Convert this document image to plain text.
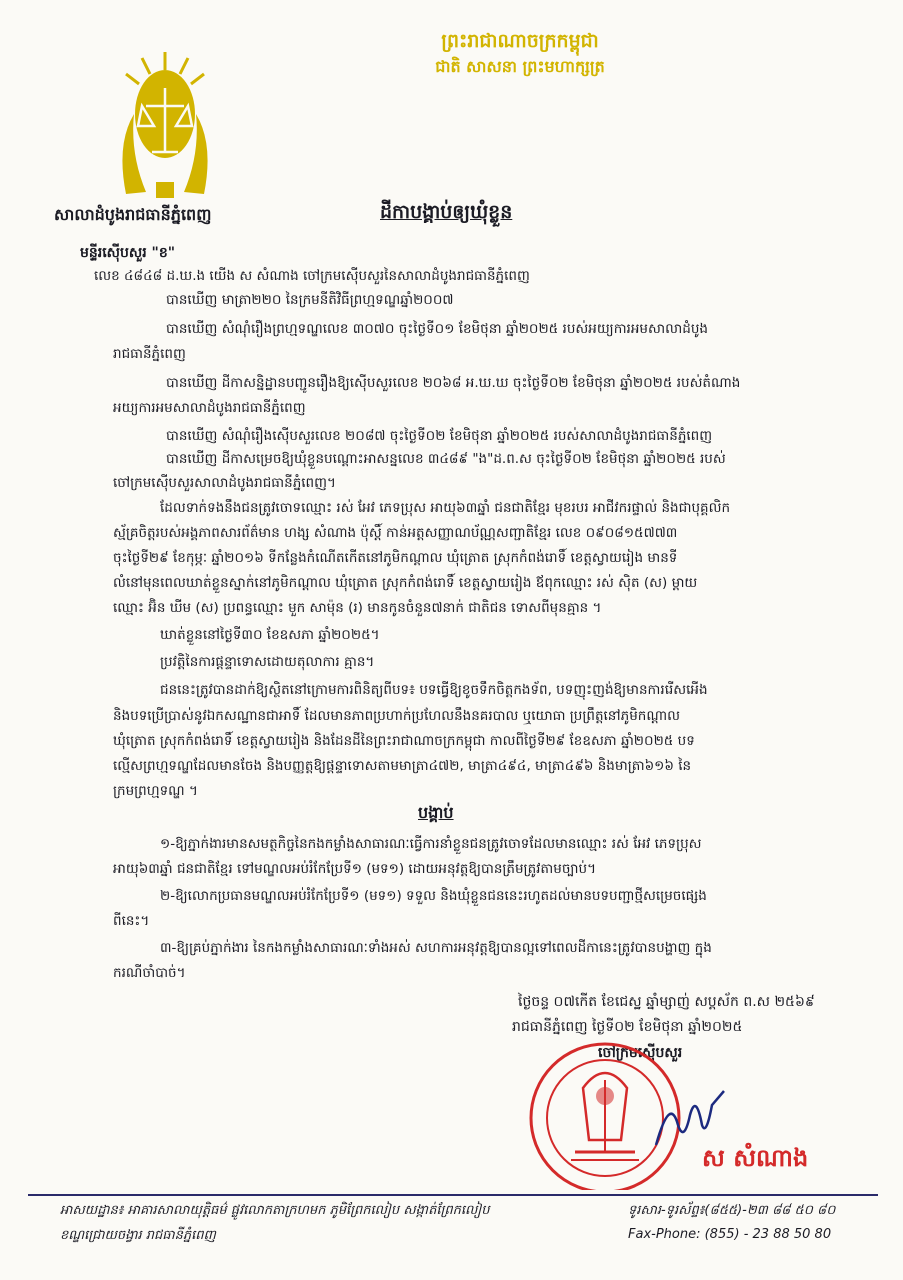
ព្រះរាជាណាចក្រកម្ពុជា
ជាតិ សាសនា ព្រះមហាក្សត្រ
សាលាដំបូងរាជធានីភ្នំពេញ	ដីកាបង្គាប់ឲ្យឃុំខ្លួន
មន្ទីរស៊ើបសួរ "ខ"
លេខ ៤៨៤៨ ដ.ឃ.ង យើង ស សំណាង ចៅក្រមស៊ើបសួរនៃសាលាដំបូងរាជធានីភ្នំពេញ
បានឃើញ មាត្រា២២០ នៃក្រមនីតិវិធីព្រហ្មទណ្ឌឆ្នាំ២០០៧
បានឃើញ សំណុំរឿងព្រហ្មទណ្ឌលេខ ៣០៧០ ចុះថ្ងៃទី០១ ខែមិថុនា ឆ្នាំ២០២៥ របស់អយ្យការអមសាលាដំបូង
រាជធានីភ្នំពេញ
បានឃើញ ដីកាសន្និដ្ឋានបញ្ជូនរឿងឱ្យស៊ើបសួរលេខ ២០៦៨ អ.ឃ.ឃ ចុះថ្ងៃទី០២ ខែមិថុនា ឆ្នាំ២០២៥ របស់តំណាង
អយ្យការអមសាលាដំបូងរាជធានីភ្នំពេញ
បានឃើញ សំណុំរឿងស៊ើបសួរលេខ ២០៨៧ ចុះថ្ងៃទី០២ ខែមិថុនា ឆ្នាំ២០២៥ របស់សាលាដំបូងរាជធានីភ្នំពេញ
បានឃើញ ដីកាសម្រេចឱ្យឃុំខ្លួនបណ្តោះអាសន្នលេខ ៣៤៨៩ "ង"ដ.ព.ស ចុះថ្ងៃទី០២ ខែមិថុនា ឆ្នាំ២០២៥ របស់
ចៅក្រមស៊ើបសួរសាលាដំបូងរាជធានីភ្នំពេញ។
ដែលទាក់ទងនឹងជនត្រូវចោទឈ្មោះ រស់ អែវ ភេទប្រុស អាយុ៦៣ឆ្នាំ ជនជាតិខ្មែរ មុខរបរ អាជីវករផ្ទាល់ និងជាបុគ្គលិក
ស្ម័គ្រចិត្តរបស់អង្គភាពសារព័ត៌មាន ហង្ស សំណាង ប៉ុស្តិ៍ កាន់អត្តសញ្ញាណប័ណ្ណសញ្ជាតិខ្មែរ លេខ ០៩០៨១៥៧៧៣
ចុះថ្ងៃទី២៩ ខែកុម្ភៈ ឆ្នាំ២០១៦ ទីកន្លែងកំណើតកើតនៅភូមិកណ្តាល ឃុំត្រោត ស្រុកកំពង់រោទិ៍ ខេត្តស្វាយរៀង មានទី
លំនៅមុនពេលឃាត់ខ្លួនស្នាក់នៅភូមិកណ្តាល ឃុំត្រោត ស្រុកកំពង់រោទិ៍ ខេត្តស្វាយរៀង ឪពុកឈ្មោះ រស់ ស៊ិត (ស) ម្តាយ
ឈ្មោះ អ៊ិន ឃីម (ស) ប្រពន្ធឈ្មោះ មួក សាម៉ុន (រ) មានកូនចំនួន៧នាក់ ជាតិជន ទោសពីមុនគ្មាន ។
ឃាត់ខ្លួននៅថ្ងៃទី៣០ ខែឧសភា ឆ្នាំ២០២៥។
ប្រវត្តិនៃការផ្តន្ទាទោសដោយតុលាការ គ្មាន។
ជននេះត្រូវបានដាក់ឱ្យស្ថិតនៅក្រោមការពិនិត្យពីបទ៖ បទធ្វើឱ្យខូចទឹកចិត្តកងទ័ព, បទញុះញង់ឱ្យមានការរើសអើង
និងបទប្រើប្រាស់នូវឯកសណ្ឋានជាអាទិ៍ ដែលមានភាពប្រហាក់ប្រហែលនឹងនគរបាល ឬយោធា ប្រព្រឹត្តនៅភូមិកណ្តាល
ឃុំត្រោត ស្រុកកំពង់រោទិ៍ ខេត្តស្វាយរៀង និងដែនដីនៃព្រះរាជាណាចក្រកម្ពុជា កាលពីថ្ងៃទី២៩ ខែឧសភា ឆ្នាំ២០២៥ បទ
ល្មើសព្រហ្មទណ្ឌដែលមានចែង និងបញ្ញត្តឱ្យផ្តន្ទាទោសតាមមាត្រា៤៧២, មាត្រា៤៩៤, មាត្រា៤៩៦ និងមាត្រា៦១៦ នៃ
ក្រមព្រហ្មទណ្ឌ ។
បង្គាប់
១-ឱ្យភ្នាក់ងារមានសមត្ថកិច្ចនៃកងកម្លាំងសាធារណៈធ្វើការនាំខ្លួនជនត្រូវចោទដែលមានឈ្មោះ រស់ អែវ ភេទប្រុស
អាយុ៦៣ឆ្នាំ ជនជាតិខ្មែរ ទៅមណ្ឌលអប់រំកែប្រែទី១ (មទ១) ដោយអនុវត្តឱ្យបានត្រឹមត្រូវតាមច្បាប់។
២-ឱ្យលោកប្រធានមណ្ឌលអប់រំកែប្រែទី១ (មទ១) ទទួល និងឃុំខ្លួនជននេះរហូតដល់មានបទបញ្ជាថ្មីសម្រេចផ្សេង
ពីនេះ។
៣-ឱ្យគ្រប់ភ្នាក់ងារ នៃកងកម្លាំងសាធារណៈទាំងអស់ សហការអនុវត្តឱ្យបានល្អទៅពេលដីកានេះត្រូវបានបង្ហាញ ក្នុង
ករណីចាំបាច់។
ថ្ងៃចន្ទ ០៧កើត ខែជេស្ឋ ឆ្នាំម្សាញ់ សប្តស័ក ព.ស ២៥៦៩
រាជធានីភ្នំពេញ ថ្ងៃទី០២ ខែមិថុនា ឆ្នាំ២០២៥
ចៅក្រមស៊ើបសួរ
ស សំណាង
អាសយដ្ឋាន៖ អាគារសាលាយុត្តិធម៌ ផ្លូវលោកតាក្រហមក ភូមិព្រែកលៀប សង្កាត់ព្រែកលៀប
ខណ្ឌជ្រោយចង្វារ រាជធានីភ្នំពេញ
ទូរសារ-ទូរស័ព្ទ៖(៨៥៥)-២៣ ៨៨ ៥០ ៨០
Fax-Phone: (855) - 23 88 50 80
